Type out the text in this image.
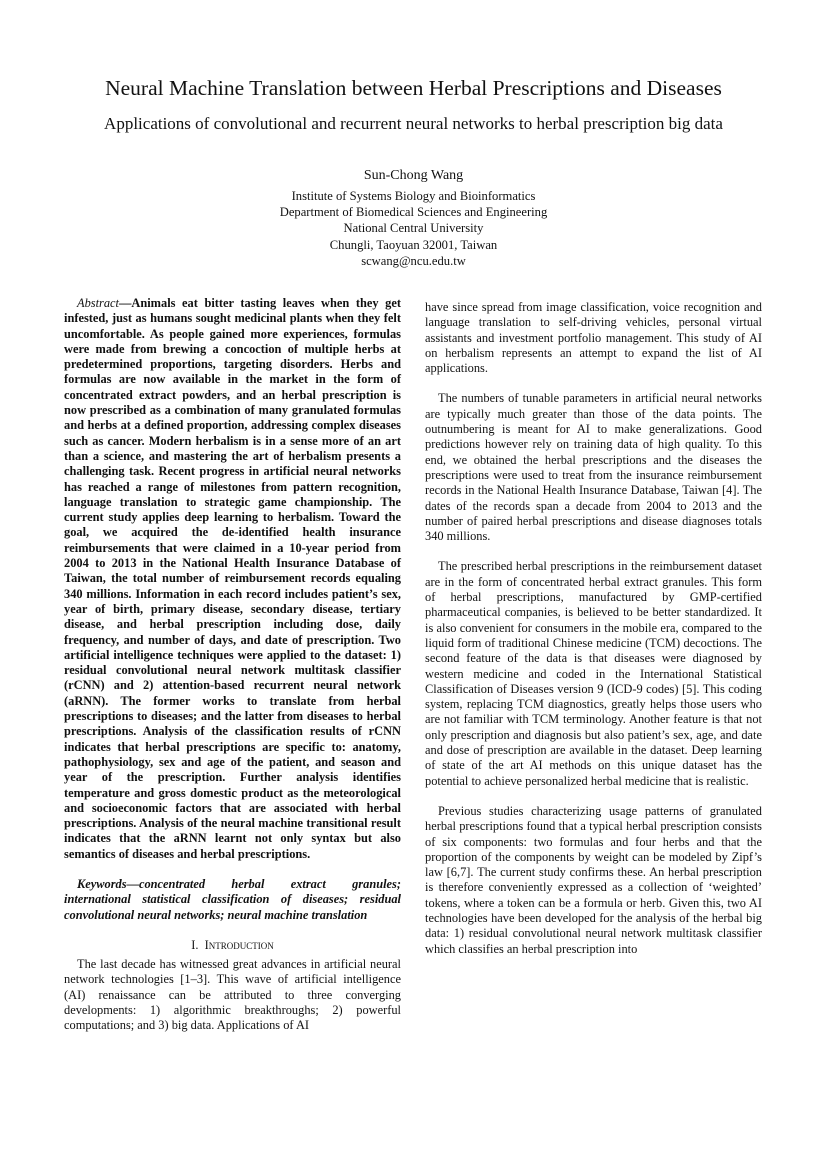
Neural Machine Translation between Herbal Prescriptions and Diseases
Applications of convolutional and recurrent neural networks to herbal prescription big data
Sun-Chong Wang
Institute of Systems Biology and Bioinformatics
Department of Biomedical Sciences and Engineering
National Central University
Chungli, Taoyuan 32001, Taiwan
scwang@ncu.edu.tw

Abstract—Animals eat bitter tasting leaves when they get infested, just as humans sought medicinal plants when they felt uncomfortable. As people gained more experiences, formulas were made from brewing a concoction of multiple herbs at predetermined proportions, targeting disorders. Herbs and formulas are now available in the market in the form of concentrated extract powders, and an herbal prescription is now prescribed as a combination of many granulated formulas and herbs at a defined proportion, addressing complex diseases such as cancer. Modern herbalism is in a sense more of an art than a science, and mastering the art of herbalism presents a challenging task. Recent progress in artificial neural networks has reached a range of milestones from pattern recognition, language translation to strategic game championship. The current study applies deep learning to herbalism. Toward the goal, we acquired the de-identified health insurance reimbursements that were claimed in a 10-year period from 2004 to 2013 in the National Health Insurance Database of Taiwan, the total number of reimbursement records equaling 340 millions. Information in each record includes patient’s sex, year of birth, primary disease, secondary disease, tertiary disease, and herbal prescription including dose, daily frequency, and number of days, and date of prescription. Two artificial intelligence techniques were applied to the dataset: 1) residual convolutional neural network multitask classifier (rCNN) and 2) attention-based recurrent neural network (aRNN). The former works to translate from herbal prescriptions to diseases; and the latter from diseases to herbal prescriptions. Analysis of the classification results of rCNN indicates that herbal prescriptions are specific to: anatomy, pathophysiology, sex and age of the patient, and season and year of the prescription. Further analysis identifies temperature and gross domestic product as the meteorological and socioeconomic factors that are associated with herbal prescriptions. Analysis of the neural machine transitional result indicates that the aRNN learnt not only syntax but also semantics of diseases and herbal prescriptions.

Keywords—concentrated herbal extract granules; international statistical classification of diseases; residual convolutional neural networks; neural machine translation

I. Introduction

The last decade has witnessed great advances in artificial neural network technologies [1–3]. This wave of artificial intelligence (AI) renaissance can be attributed to three converging developments: 1) algorithmic breakthroughs; 2) powerful computations; and 3) big data. Applications of AI

have since spread from image classification, voice recognition and language translation to self-driving vehicles, personal virtual assistants and investment portfolio management. This study of AI on herbalism represents an attempt to expand the list of AI applications.

The numbers of tunable parameters in artificial neural networks are typically much greater than those of the data points. The outnumbering is meant for AI to make generalizations. Good predictions however rely on training data of high quality. To this end, we obtained the herbal prescriptions and the diseases the prescriptions were used to treat from the insurance reimbursement records in the National Health Insurance Database, Taiwan [4]. The dates of the records span a decade from 2004 to 2013 and the number of paired herbal prescriptions and disease diagnoses totals 340 millions.

The prescribed herbal prescriptions in the reimbursement dataset are in the form of concentrated herbal extract granules. This form of herbal prescriptions, manufactured by GMP-certified pharmaceutical companies, is believed to be better standardized. It is also convenient for consumers in the mobile era, compared to the liquid form of traditional Chinese medicine (TCM) decoctions. The second feature of the data is that diseases were diagnosed by western medicine and coded in the International Statistical Classification of Diseases version 9 (ICD-9 codes) [5]. This coding system, replacing TCM diagnostics, greatly helps those users who are not familiar with TCM terminology. Another feature is that not only prescription and diagnosis but also patient’s sex, age, and date and dose of prescription are available in the dataset. Deep learning of state of the art AI methods on this unique dataset has the potential to achieve personalized herbal medicine that is realistic.

Previous studies characterizing usage patterns of granulated herbal prescriptions found that a typical herbal prescription consists of six components: two formulas and four herbs and that the proportion of the components by weight can be modeled by Zipf’s law [6,7]. The current study confirms these. An herbal prescription is therefore conveniently expressed as a collection of ‘weighted’ tokens, where a token can be a formula or herb. Given this, two AI technologies have been developed for the analysis of the herbal big data: 1) residual convolutional neural network multitask classifier which classifies an herbal prescription into
